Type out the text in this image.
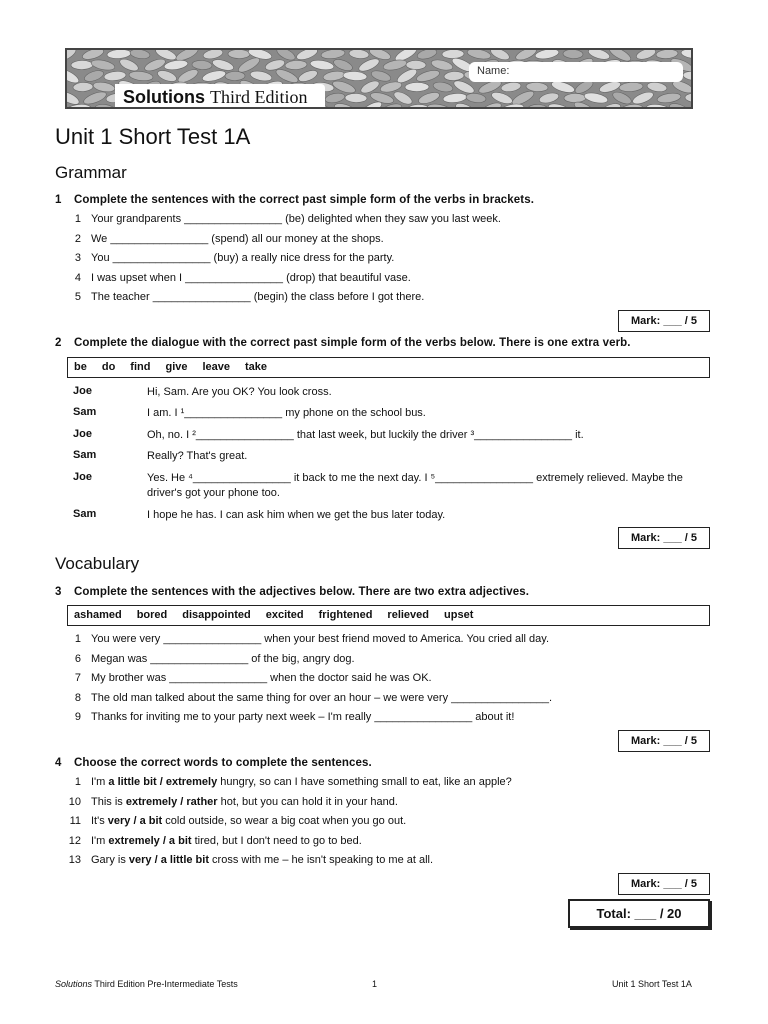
Solutions Third Edition
Name:
Unit 1 Short Test 1A
Grammar
1 Complete the sentences with the correct past simple form of the verbs in brackets.
1 Your grandparents ________________ (be) delighted when they saw you last week.
2 We ________________ (spend) all our money at the shops.
3 You ________________ (buy) a really nice dress for the party.
4 I was upset when I ________________ (drop) that beautiful vase.
5 The teacher ________________ (begin) the class before I got there.
Mark: ___ / 5
2 Complete the dialogue with the correct past simple form of the verbs below. There is one extra verb.
be do find give leave take
Joe	Hi, Sam. Are you OK? You look cross.
Sam	I am. I ¹________________ my phone on the school bus.
Joe	Oh, no. I ²________________ that last week, but luckily the driver ³________________ it.
Sam	Really? That's great.
Joe	Yes. He ⁴________________ it back to me the next day. I ⁵________________ extremely relieved. Maybe the driver's got your phone too.
Sam	I hope he has. I can ask him when we get the bus later today.
Mark: ___ / 5
Vocabulary
3 Complete the sentences with the adjectives below. There are two extra adjectives.
ashamed bored disappointed excited frightened relieved upset
1 You were very ________________ when your best friend moved to America. You cried all day.
6 Megan was ________________ of the big, angry dog.
7 My brother was ________________ when the doctor said he was OK.
8 The old man talked about the same thing for over an hour – we were very ________________.
9 Thanks for inviting me to your party next week – I'm really ________________ about it!
Mark: ___ / 5
4 Choose the correct words to complete the sentences.
1 I'm a little bit / extremely hungry, so can I have something small to eat, like an apple?
10 This is extremely / rather hot, but you can hold it in your hand.
11 It's very / a bit cold outside, so wear a big coat when you go out.
12 I'm extremely / a bit tired, but I don't need to go to bed.
13 Gary is very / a little bit cross with me – he isn't speaking to me at all.
Mark: ___ / 5
Total: ___ / 20
Solutions Third Edition Pre-Intermediate Tests	1	Unit 1 Short Test 1A
